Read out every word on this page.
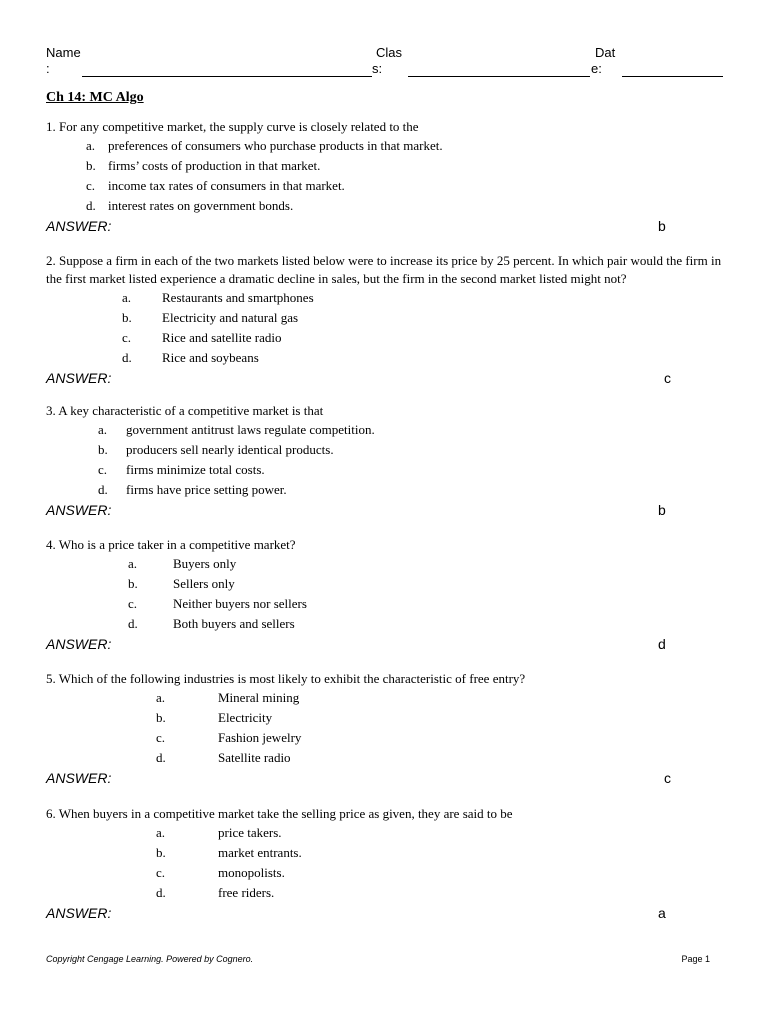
Name
:
Clas
s:
Dat
e:
Ch 14: MC Algo

1. For any competitive market, the supply curve is closely related to the

a. preferences of consumers who purchase products in that market.
b. firms’ costs of production in that market.
c. income tax rates of consumers in that market.
d. interest rates on government bonds.
ANSWER:	b

2. Suppose a firm in each of the two markets listed below were to increase its price by 25 percent. In which pair would the firm in the first market listed experience a dramatic decline in sales, but the firm in the second market listed might not?

a. Restaurants and smartphones
b. Electricity and natural gas
c. Rice and satellite radio
d. Rice and soybeans
ANSWER:	c

3. A key characteristic of a competitive market is that

a. government antitrust laws regulate competition.
b. producers sell nearly identical products.
c. firms minimize total costs.
d. firms have price setting power.
ANSWER:	b

4. Who is a price taker in a competitive market?

a.	Buyers only
b.	Sellers only
c.	Neither buyers nor sellers
d.	Both buyers and sellers
ANSWER:	d

5. Which of the following industries is most likely to exhibit the characteristic of free entry?

a.	Mineral mining
b.	Electricity
c.	Fashion jewelry
d.	Satellite radio
ANSWER:	c

6. When buyers in a competitive market take the selling price as given, they are said to be

a.	price takers.
b.	market entrants.
c.	monopolists.
d.	free riders.
ANSWER:	a
Copyright Cengage Learning. Powered by Cognero.	Page 1
